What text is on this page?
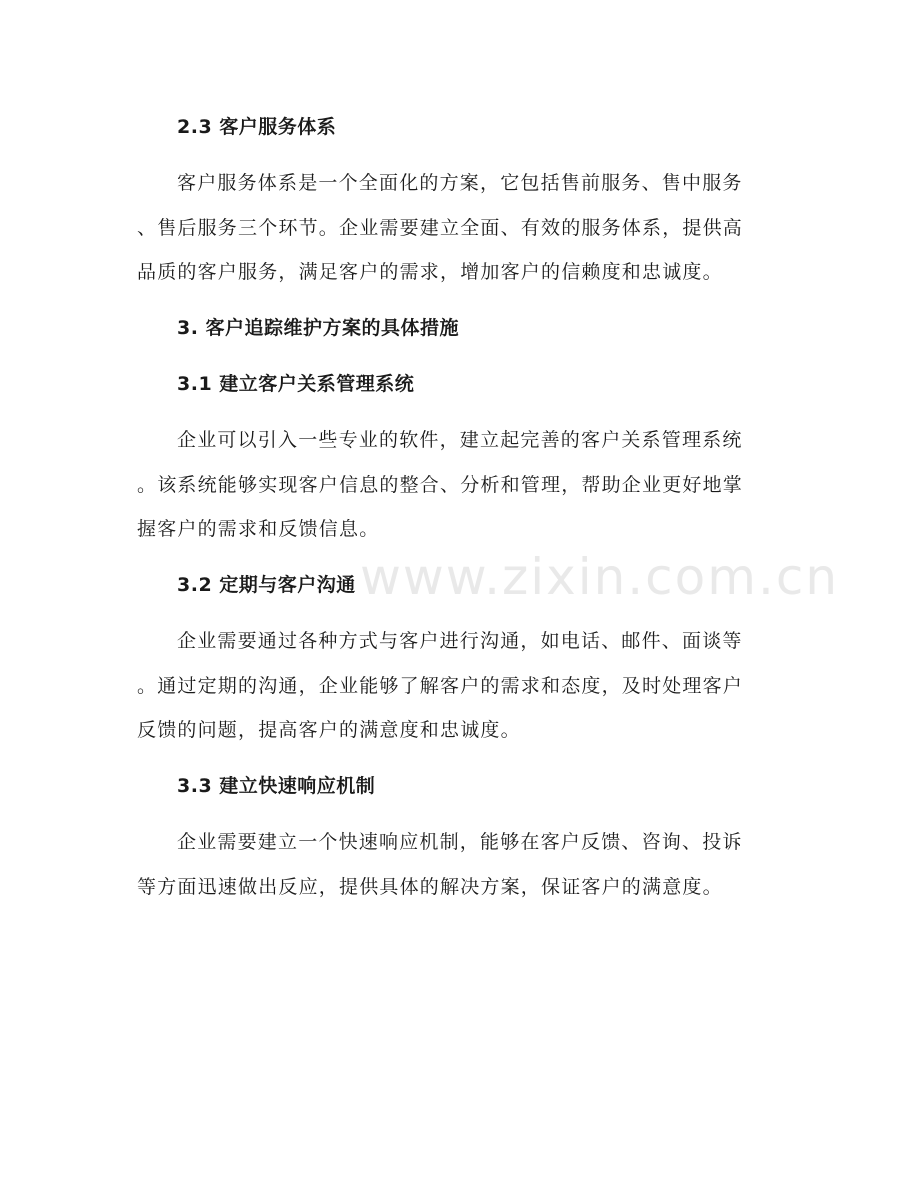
www.zixin.com.cn
2.3 客户服务体系
客户服务体系是一个全面化的方案，它包括售前服务、售中服务
、售后服务三个环节。企业需要建立全面、有效的服务体系，提供高
品质的客户服务，满足客户的需求，增加客户的信赖度和忠诚度。
3. 客户追踪维护方案的具体措施
3.1 建立客户关系管理系统
企业可以引入一些专业的软件，建立起完善的客户关系管理系统
。该系统能够实现客户信息的整合、分析和管理，帮助企业更好地掌
握客户的需求和反馈信息。
3.2 定期与客户沟通
企业需要通过各种方式与客户进行沟通，如电话、邮件、面谈等
。通过定期的沟通，企业能够了解客户的需求和态度，及时处理客户
反馈的问题，提高客户的满意度和忠诚度。
3.3 建立快速响应机制
企业需要建立一个快速响应机制，能够在客户反馈、咨询、投诉
等方面迅速做出反应，提供具体的解决方案，保证客户的满意度。
